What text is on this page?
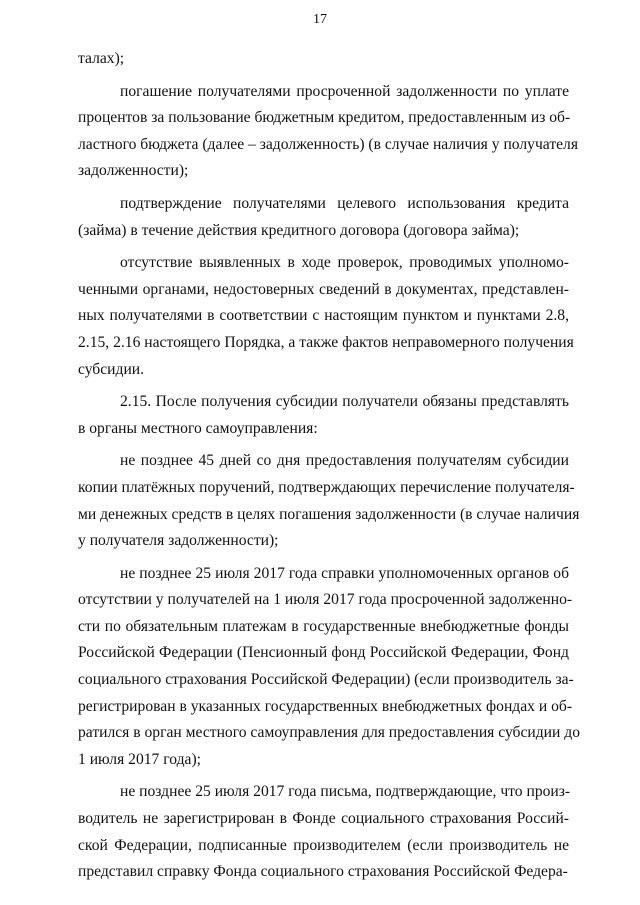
17
талах);
погашение получателями просроченной задолженности по уплате
процентов за пользование бюджетным кредитом, предоставленным из об-
ластного бюджета (далее – задолженность) (в случае наличия у получателя
задолженности);
подтверждение получателями целевого использования кредита
(займа) в течение действия кредитного договора (договора займа);
отсутствие выявленных в ходе проверок, проводимых уполномо-
ченными органами, недостоверных сведений в документах, представлен-
ных получателями в соответствии с настоящим пунктом и пунктами 2.8,
2.15, 2.16 настоящего Порядка, а также фактов неправомерного получения
субсидии.
2.15. После получения субсидии получатели обязаны представлять
в органы местного самоуправления:
не позднее 45 дней со дня предоставления получателям субсидии
копии платёжных поручений, подтверждающих перечисление получателя-
ми денежных средств в целях погашения задолженности (в случае наличия
у получателя задолженности);
не позднее 25 июля 2017 года справки уполномоченных органов об
отсутствии у получателей на 1 июля 2017 года просроченной задолженно-
сти по обязательным платежам в государственные внебюджетные фонды
Российской Федерации (Пенсионный фонд Российской Федерации, Фонд
социального страхования Российской Федерации) (если производитель за-
регистрирован в указанных государственных внебюджетных фондах и об-
ратился в орган местного самоуправления для предоставления субсидии до
1 июля 2017 года);
не позднее 25 июля 2017 года письма, подтверждающие, что произ-
водитель не зарегистрирован в Фонде социального страхования Россий-
ской Федерации, подписанные производителем (если производитель не
представил справку Фонда социального страхования Российской Федера-
